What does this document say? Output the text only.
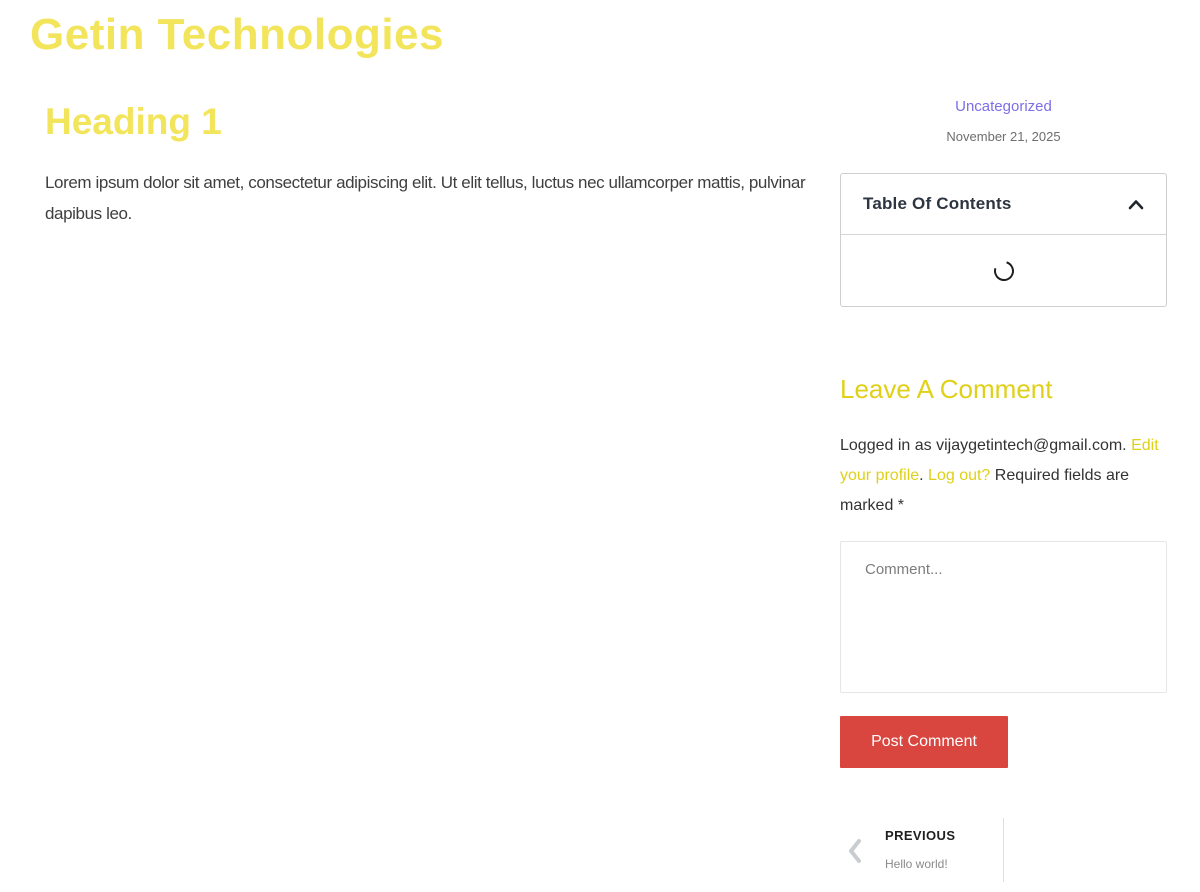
Getin Technologies
Heading 1

Lorem ipsum dolor sit amet, consectetur adipiscing elit. Ut elit tellus, luctus nec ullamcorper mattis, pulvinar dapibus leo.

Uncategorized
November 21, 2025
Table Of Contents
Leave A Comment

Logged in as vijaygetintech@gmail.com. Edit your profile. Log out? Required fields are marked *

Comment...
Post Comment
PREVIOUS
Hello world!
